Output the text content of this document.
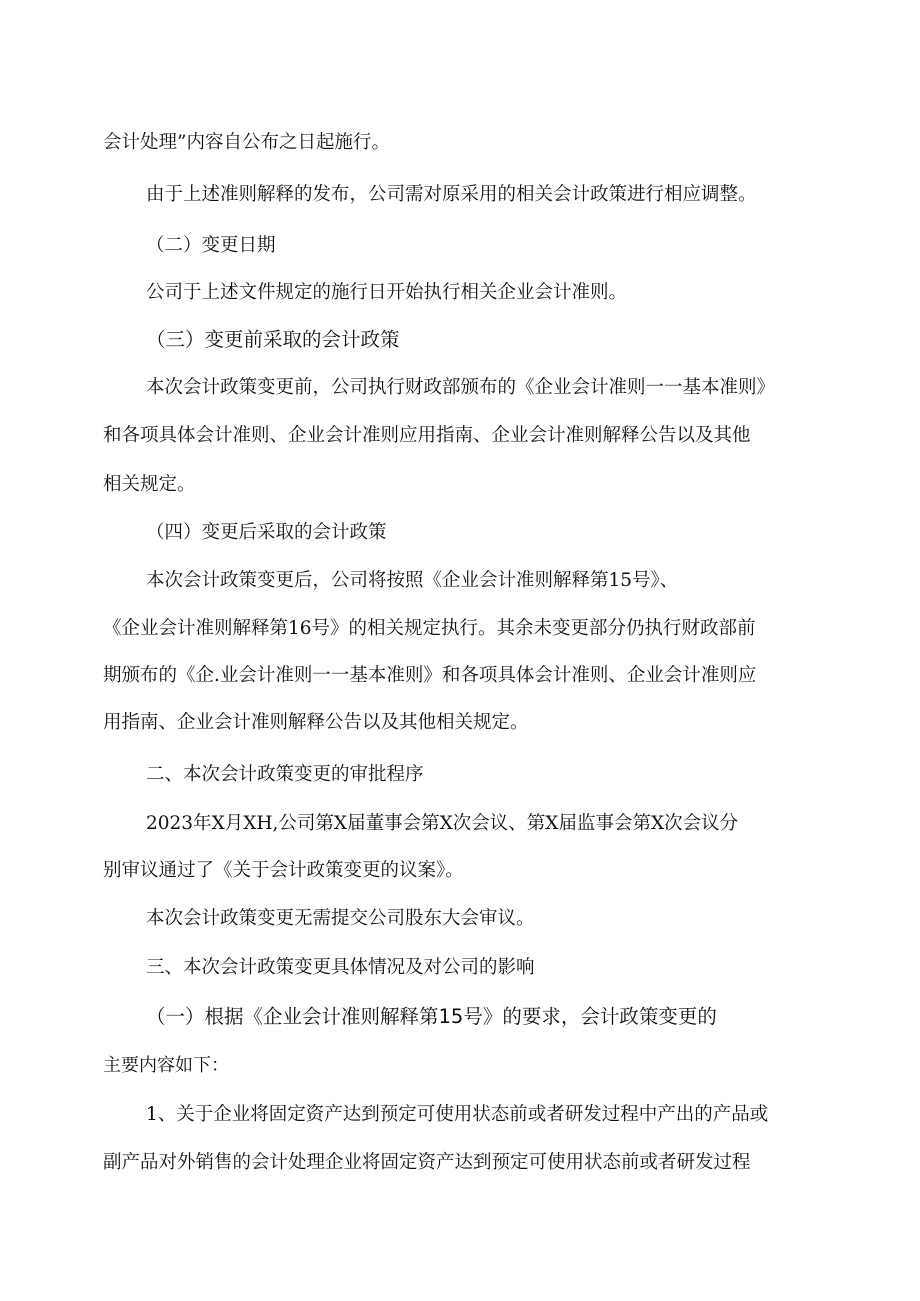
会计处理”内容自公布之日起施行。

由于上述准则解释的发布，公司需对原采用的相关会计政策进行相应调整。

（二）变更日期

公司于上述文件规定的施行日开始执行相关企业会计准则。

（三）变更前采取的会计政策

本次会计政策变更前，公司执行财政部颁布的《企业会计准则一一基本准则》

和各项具体会计准则、企业会计准则应用指南、企业会计准则解释公告以及其他

相关规定。

（四）变更后采取的会计政策

本次会计政策变更后，公司将按照《企业会计准则解释第15号》、

《企业会计准则解释第16号》的相关规定执行。其余未变更部分仍执行财政部前

期颁布的《企.业会计准则一一基本准则》和各项具体会计准则、企业会计准则应

用指南、企业会计准则解释公告以及其他相关规定。

二、本次会计政策变更的审批程序

2023年X月XH,公司第X届董事会第X次会议、第X届监事会第X次会议分

别审议通过了《关于会计政策变更的议案》。

本次会计政策变更无需提交公司股东大会审议。

三、本次会计政策变更具体情况及对公司的影响

（一）根据《企业会计准则解释第15号》的要求，会计政策变更的

主要内容如下：

1、关于企业将固定资产达到预定可使用状态前或者研发过程中产出的产品或

副产品对外销售的会计处理企业将固定资产达到预定可使用状态前或者研发过程
